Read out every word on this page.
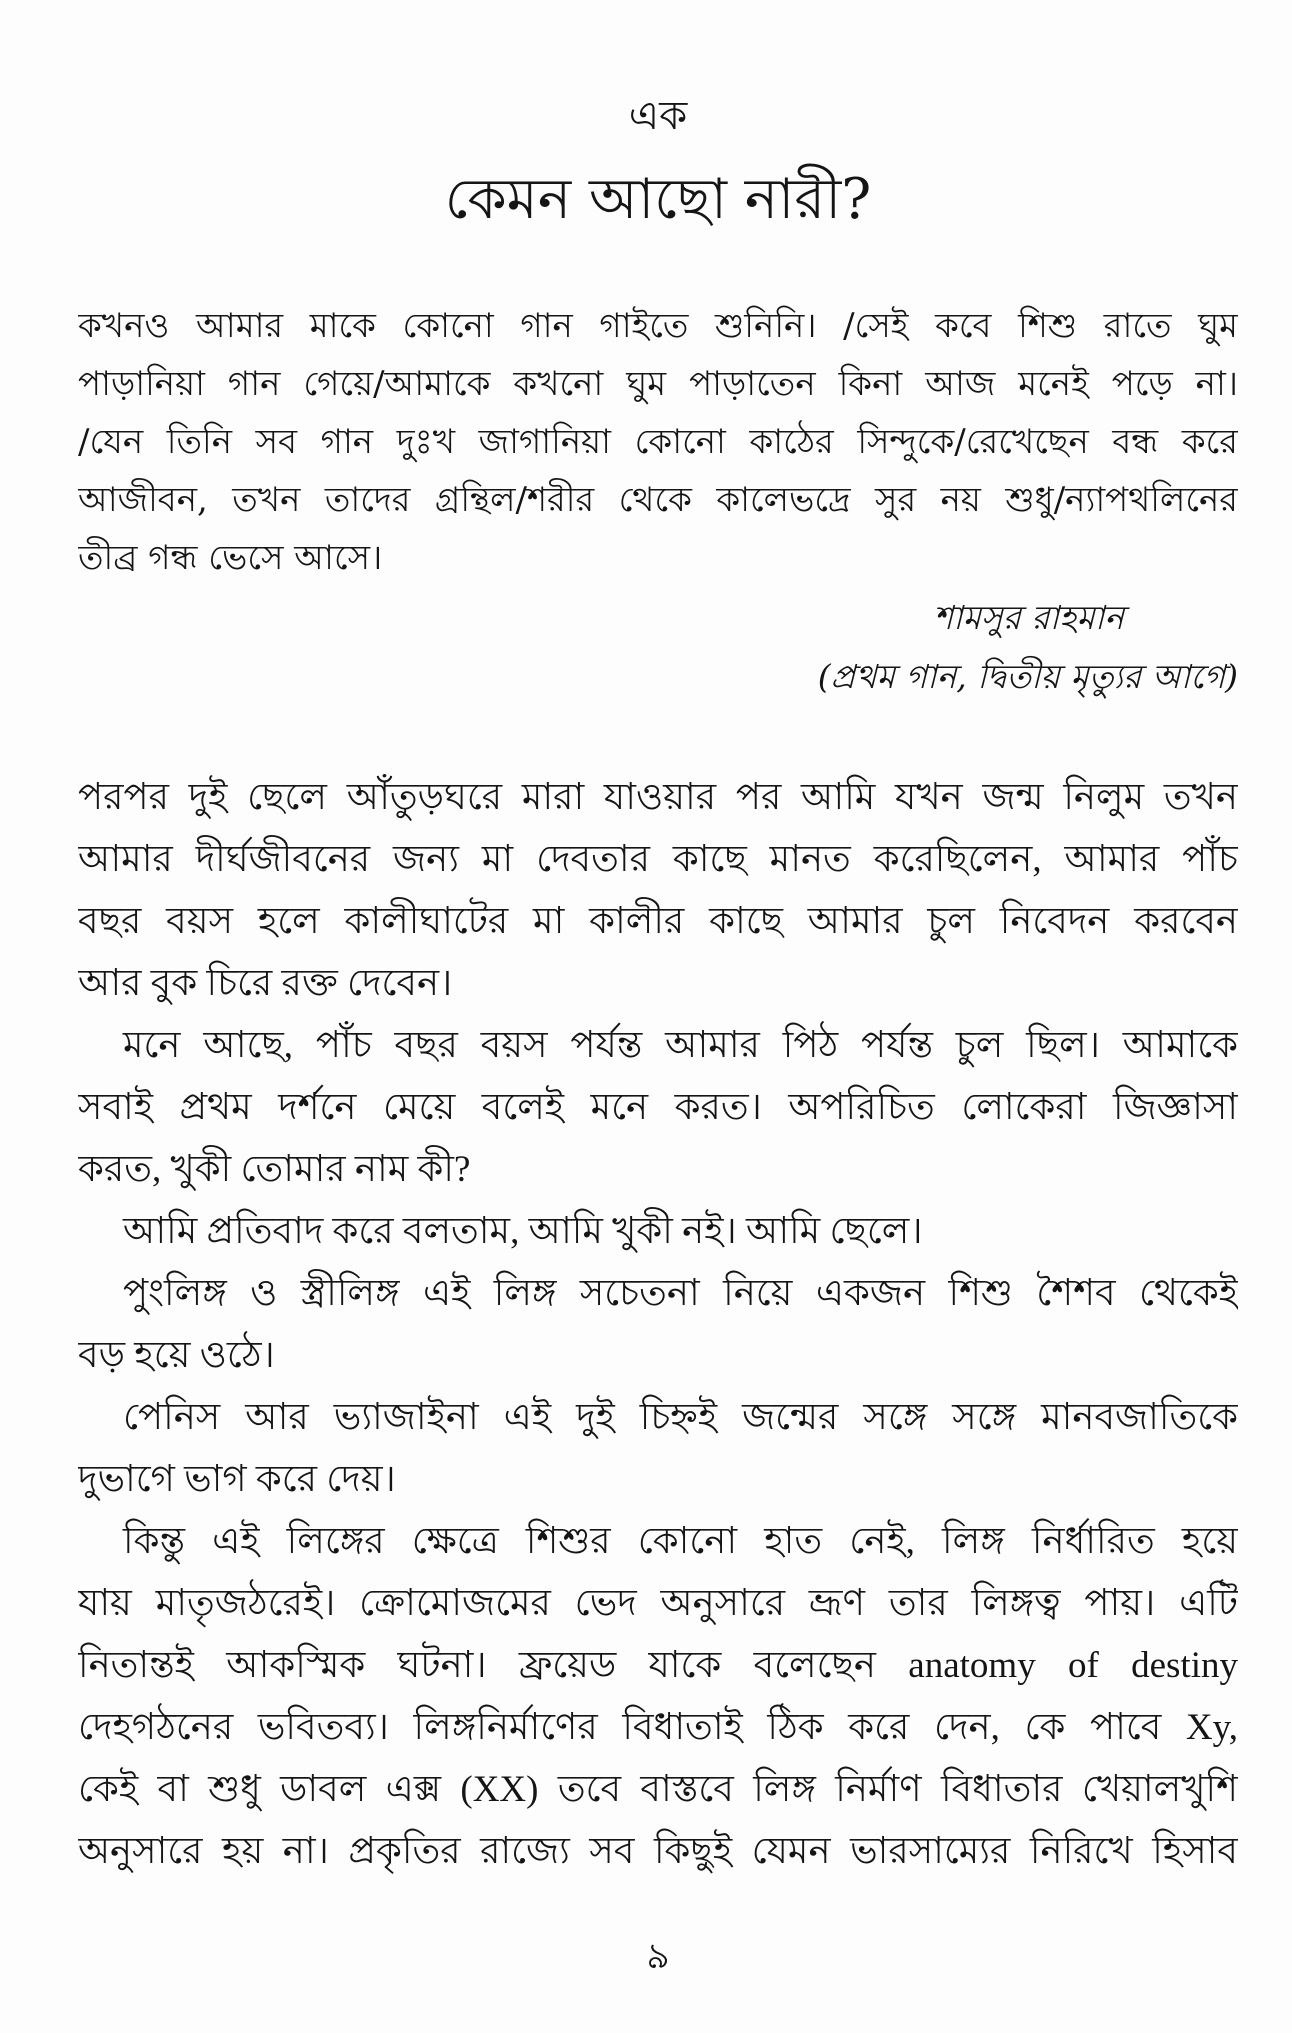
এক
কেমন আছো নারী?
কখনও আমার মাকে কোনো গান গাইতে শুনিনি। /সেই কবে শিশু রাতে ঘুম
পাড়ানিয়া গান গেয়ে/আমাকে কখনো ঘুম পাড়াতেন কিনা আজ মনেই পড়ে না।
/যেন তিনি সব গান দুঃখ জাগানিয়া কোনো কাঠের সিন্দুকে/রেখেছেন বন্ধ করে
আজীবন, তখন তাদের গ্রন্থিল/শরীর থেকে কালেভদ্রে সুর নয় শুধু/ন্যাপথলিনের
তীব্র গন্ধ ভেসে আসে।
শামসুর রাহমান
(প্রথম গান, দ্বিতীয় মৃত্যুর আগে)
পরপর দুই ছেলে আঁতুড়ঘরে মারা যাওয়ার পর আমি যখন জন্ম নিলুম তখন
আমার দীর্ঘজীবনের জন্য মা দেবতার কাছে মানত করেছিলেন, আমার পাঁচ
বছর বয়স হলে কালীঘাটের মা কালীর কাছে আমার চুল নিবেদন করবেন
আর বুক চিরে রক্ত দেবেন।
মনে আছে, পাঁচ বছর বয়স পর্যন্ত আমার পিঠ পর্যন্ত চুল ছিল। আমাকে
সবাই প্রথম দর্শনে মেয়ে বলেই মনে করত। অপরিচিত লোকেরা জিজ্ঞাসা
করত, খুকী তোমার নাম কী?
আমি প্রতিবাদ করে বলতাম, আমি খুকী নই। আমি ছেলে।
পুংলিঙ্গ ও স্ত্রীলিঙ্গ এই লিঙ্গ সচেতনা নিয়ে একজন শিশু শৈশব থেকেই
বড় হয়ে ওঠে।
পেনিস আর ভ্যাজাইনা এই দুই চিহ্নই জন্মের সঙ্গে সঙ্গে মানবজাতিকে
দুভাগে ভাগ করে দেয়।
কিন্তু এই লিঙ্গের ক্ষেত্রে শিশুর কোনো হাত নেই, লিঙ্গ নির্ধারিত হয়ে
যায় মাতৃজঠরেই। ক্রোমোজমের ভেদ অনুসারে ভ্রূণ তার লিঙ্গত্ব পায়। এটি
নিতান্তই আকস্মিক ঘটনা। ফ্রয়েড যাকে বলেছেন anatomy of destiny
দেহগঠনের ভবিতব্য। লিঙ্গনির্মাণের বিধাতাই ঠিক করে দেন, কে পাবে Xy,
কেই বা শুধু ডাবল এক্স (XX) তবে বাস্তবে লিঙ্গ নির্মাণ বিধাতার খেয়ালখুশি
অনুসারে হয় না। প্রকৃতির রাজ্যে সব কিছুই যেমন ভারসাম্যের নিরিখে হিসাব
৯
